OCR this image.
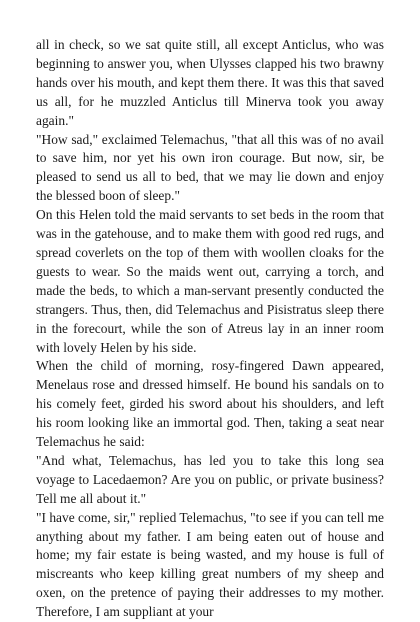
all in check, so we sat quite still, all except Anticlus, who was beginning to answer you, when Ulysses clapped his two brawny hands over his mouth, and kept them there. It was this that saved us all, for he muzzled Anticlus till Minerva took you away again."

"How sad," exclaimed Telemachus, "that all this was of no avail to save him, nor yet his own iron courage. But now, sir, be pleased to send us all to bed, that we may lie down and enjoy the blessed boon of sleep."

On this Helen told the maid servants to set beds in the room that was in the gatehouse, and to make them with good red rugs, and spread coverlets on the top of them with woollen cloaks for the guests to wear. So the maids went out, carrying a torch, and made the beds, to which a man-servant presently conducted the strangers. Thus, then, did Telemachus and Pisistratus sleep there in the forecourt, while the son of Atreus lay in an inner room with lovely Helen by his side.

When the child of morning, rosy-fingered Dawn appeared, Menelaus rose and dressed himself. He bound his sandals on to his comely feet, girded his sword about his shoulders, and left his room looking like an immortal god. Then, taking a seat near Telemachus he said:

"And what, Telemachus, has led you to take this long sea voyage to Lacedaemon? Are you on public, or private business? Tell me all about it."

"I have come, sir," replied Telemachus, "to see if you can tell me anything about my father. I am being eaten out of house and home; my fair estate is being wasted, and my house is full of miscreants who keep killing great numbers of my sheep and oxen, on the pretence of paying their addresses to my mother. Therefore, I am suppliant at your
